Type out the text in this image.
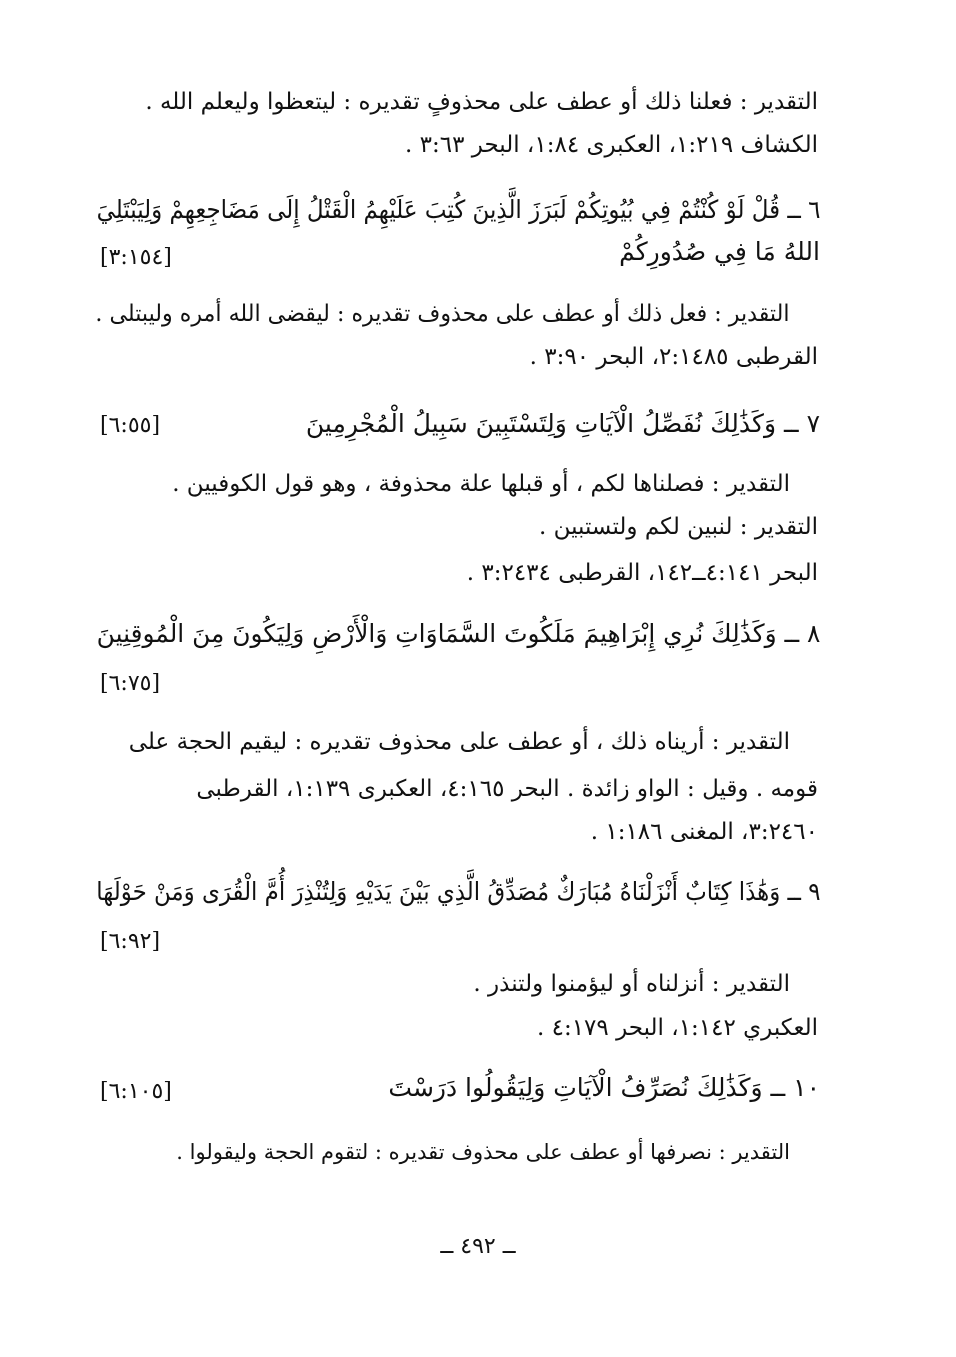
التقدير : فعلنا ذلك أو عطف على محذوفٍ تقديره : ليتعظوا وليعلم الله .
الكشاف ١:٢١٩، العكبرى ١:٨٤، البحر ٣:٦٣ .
٦ ــ قُلْ لَوْ كُنْتُمْ فِي بُيُوتِكُمْ لَبَرَزَ الَّذِينَ كُتِبَ عَلَيْهِمُ الْقَتْلُ إِلَى مَضَاجِعِهِمْ وَلِيَبْتَلِيَ
اللهُ مَا فِي صُدُورِكُمْ
[٣:١٥٤]
التقدير : فعل ذلك أو عطف على محذوف تقديره : ليقضى الله أمره وليبتلى .
القرطبى ٢:١٤٨٥، البحر ٣:٩٠ .
٧ ــ وَكَذَٰلِكَ نُفَصِّلُ الْآيَاتِ وَلِتَسْتَبِينَ سَبِيلُ الْمُجْرِمِينَ
[٦:٥٥]
التقدير : فصلناها لكم ، أو قبلها علة محذوفة ، وهو قول الكوفيين .
التقدير : لنبين لكم ولتستبين .
البحر ٤:١٤١ــ١٤٢، القرطبى ٣:٢٤٣٤ .
٨ ــ وَكَذَٰلِكَ نُرِي إِبْرَاهِيمَ مَلَكُوتَ السَّمَاوَاتِ وَالْأَرْضِ وَلِيَكُونَ مِنَ الْمُوقِنِينَ
[٦:٧٥]
التقدير : أريناه ذلك ، أو عطف على محذوف تقديره : ليقيم الحجة على
قومه . وقيل : الواو زائدة . البحر ٤:١٦٥، العكبرى ١:١٣٩، القرطبى
٣:٢٤٦٠، المغنى ١:١٨٦ .
٩ ــ وَهَٰذَا كِتَابٌ أَنْزَلْنَاهُ مُبَارَكٌ مُصَدِّقُ الَّذِي بَيْنَ يَدَيْهِ وَلِتُنْذِرَ أُمَّ الْقُرَى وَمَنْ حَوْلَهَا
[٦:٩٢]
التقدير : أنزلناه أو ليؤمنوا ولتنذر .
العكبري ١:١٤٢، البحر ٤:١٧٩ .
١٠ ــ وَكَذَٰلِكَ نُصَرِّفُ الْآيَاتِ وَلِيَقُولُوا دَرَسْتَ
[٦:١٠٥]
التقدير : نصرفها أو عطف على محذوف تقديره : لتقوم الحجة وليقولوا .
ــ ٤٩٢ ــ
